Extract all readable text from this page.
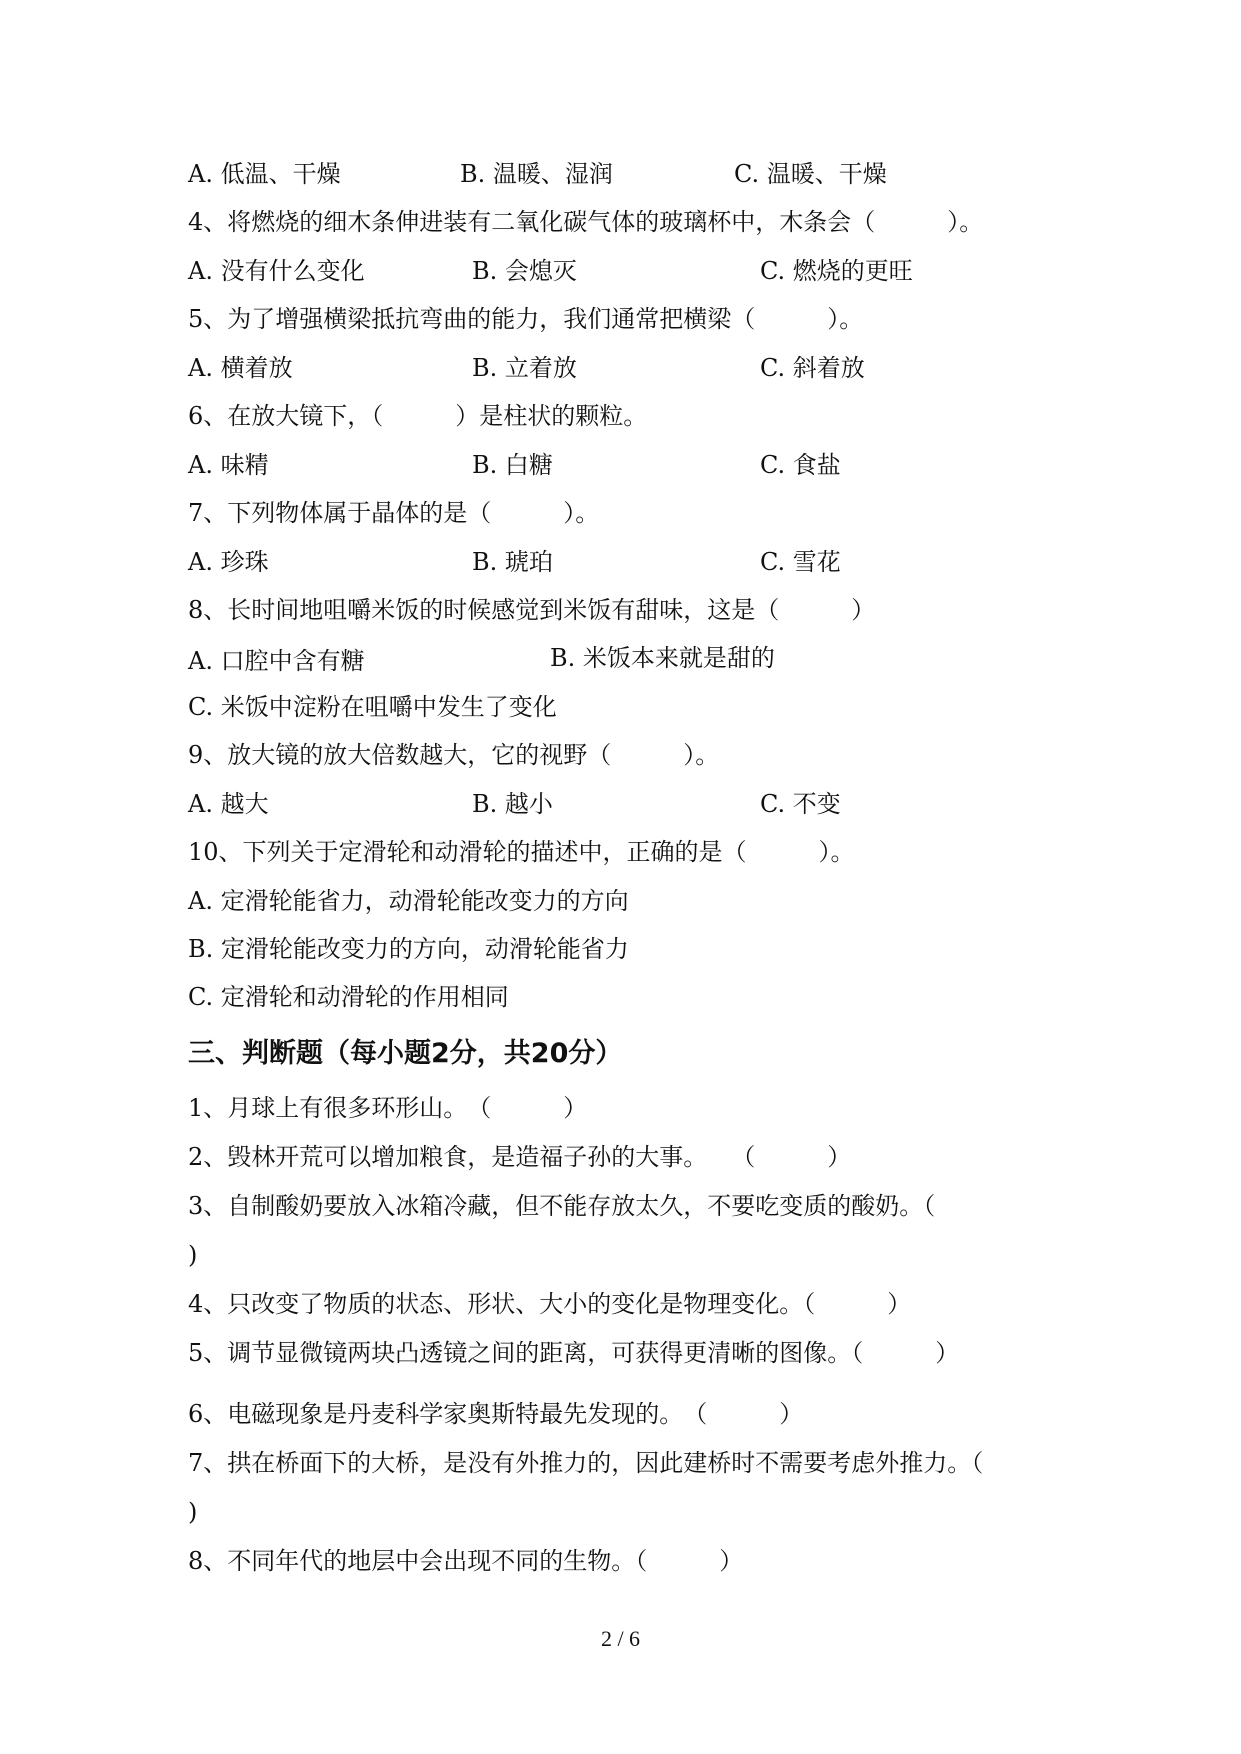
A. 低温、干燥	B. 温暖、湿润	C. 温暖、干燥
4、将燃烧的细木条伸进装有二氧化碳气体的玻璃杯中，木条会（　　　）。
A. 没有什么变化	B. 会熄灭	C. 燃烧的更旺
5、为了增强横梁抵抗弯曲的能力，我们通常把横梁（　　　）。
A. 横着放	B. 立着放	C. 斜着放
6、在放大镜下，（　　　）是柱状的颗粒。
A. 味精	B. 白糖	C. 食盐
7、下列物体属于晶体的是（　　　）。
A. 珍珠	B. 琥珀	C. 雪花
8、长时间地咀嚼米饭的时候感觉到米饭有甜味，这是（　　　）
A. 口腔中含有糖	B. 米饭本来就是甜的
C. 米饭中淀粉在咀嚼中发生了变化
9、放大镜的放大倍数越大，它的视野（　　　）。
A. 越大	B. 越小	C. 不变
10、下列关于定滑轮和动滑轮的描述中，正确的是（　　　）。
A. 定滑轮能省力，动滑轮能改变力的方向
B. 定滑轮能改变力的方向，动滑轮能省力
C. 定滑轮和动滑轮的作用相同
三、判断题（每小题2分，共20分）
1、月球上有很多环形山。　（　　　）
2、毁林开荒可以增加粮食，是造福子孙的大事。　　（　　　）
3、自制酸奶要放入冰箱冷藏，但不能存放太久，不要吃变质的酸奶。（
)
4、只改变了物质的状态、形状、大小的变化是物理变化。（　　　）
5、调节显微镜两块凸透镜之间的距离，可获得更清晰的图像。（　　　）
6、电磁现象是丹麦科学家奥斯特最先发现的。　（　　　）
7、拱在桥面下的大桥，是没有外推力的，因此建桥时不需要考虑外推力。（
)
8、不同年代的地层中会出现不同的生物。（　　　）
2 / 6
